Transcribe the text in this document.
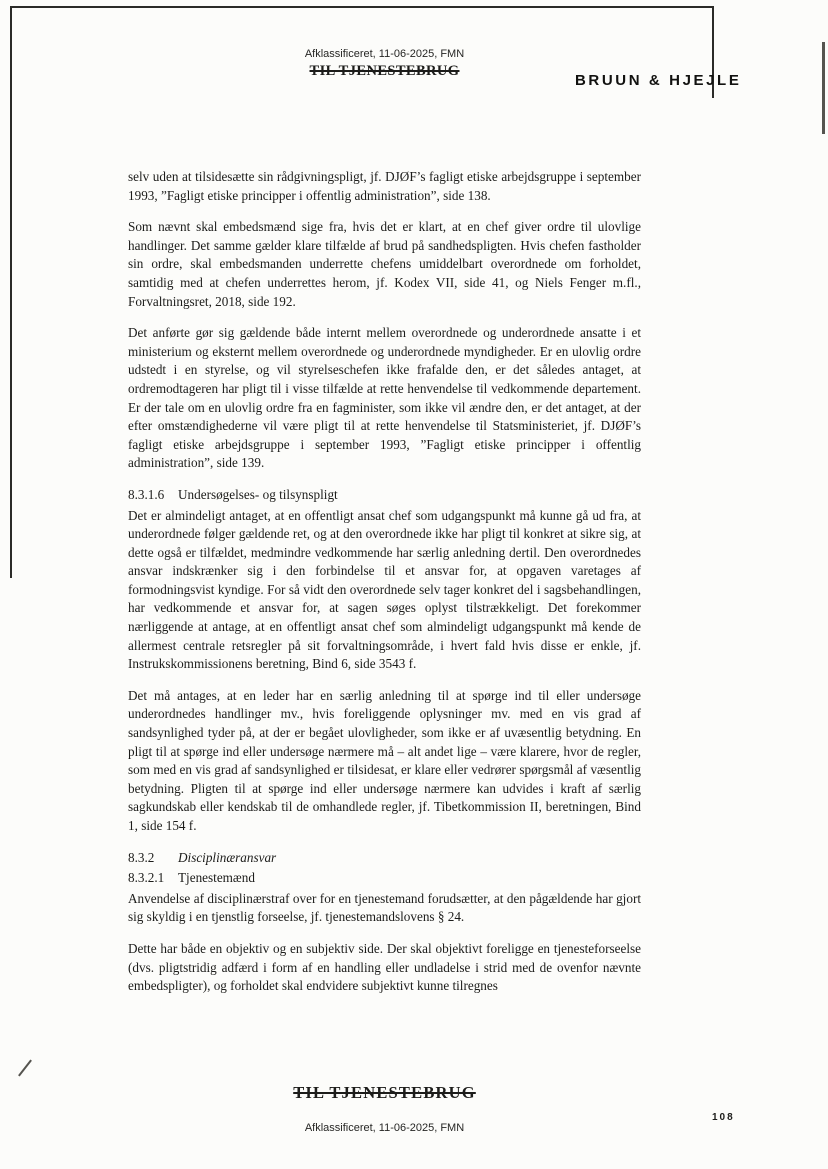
Afklassificeret, 11-06-2025, FMN
TIL TJENESTEBRUG
BRUUN & HJEJLE

selv uden at tilsidesætte sin rådgivningspligt, jf. DJØF’s fagligt etiske arbejdsgruppe i september 1993, ”Fagligt etiske principper i offentlig administration”, side 138.

Som nævnt skal embedsmænd sige fra, hvis det er klart, at en chef giver ordre til ulovlige handlinger. Det samme gælder klare tilfælde af brud på sandhedspligten. Hvis chefen fastholder sin ordre, skal embedsmanden underrette chefens umiddelbart overordnede om forholdet, samtidig med at chefen underrettes herom, jf. Kodex VII, side 41, og Niels Fenger m.fl., Forvaltningsret, 2018, side 192.

Det anførte gør sig gældende både internt mellem overordnede og underordnede ansatte i et ministerium og eksternt mellem overordnede og underordnede myndigheder. Er en ulovlig ordre udstedt i en styrelse, og vil styrelseschefen ikke frafalde den, er det således antaget, at ordremodtageren har pligt til i visse tilfælde at rette henvendelse til vedkommende departement. Er der tale om en ulovlig ordre fra en fagminister, som ikke vil ændre den, er det antaget, at der efter omstændighederne vil være pligt til at rette henvendelse til Statsministeriet, jf. DJØF’s fagligt etiske arbejdsgruppe i september 1993, ”Fagligt etiske principper i offentlig administration”, side 139.

8.3.1.6	Undersøgelses- og tilsynspligt

Det er almindeligt antaget, at en offentligt ansat chef som udgangspunkt må kunne gå ud fra, at underordnede følger gældende ret, og at den overordnede ikke har pligt til konkret at sikre sig, at dette også er tilfældet, medmindre vedkommende har særlig anledning dertil. Den overordnedes ansvar indskrænker sig i den forbindelse til et ansvar for, at opgaven varetages af formodningsvist kyndige. For så vidt den overordnede selv tager konkret del i sagsbehandlingen, har vedkommende et ansvar for, at sagen søges oplyst tilstrækkeligt. Det forekommer nærliggende at antage, at en offentligt ansat chef som almindeligt udgangspunkt må kende de allermest centrale retsregler på sit forvaltningsområde, i hvert fald hvis disse er enkle, jf. Instrukskommissionens beretning, Bind 6, side 3543 f.

Det må antages, at en leder har en særlig anledning til at spørge ind til eller undersøge underordnedes handlinger mv., hvis foreliggende oplysninger mv. med en vis grad af sandsynlighed tyder på, at der er begået ulovligheder, som ikke er af uvæsentlig betydning. En pligt til at spørge ind eller undersøge nærmere må – alt andet lige – være klarere, hvor de regler, som med en vis grad af sandsynlighed er tilsidesat, er klare eller vedrører spørgsmål af væsentlig betydning. Pligten til at spørge ind eller undersøge nærmere kan udvides i kraft af særlig sagkundskab eller kendskab til de omhandlede regler, jf. Tibetkommission II, beretningen, Bind 1, side 154 f.

8.3.2	Disciplinæransvar
8.3.2.1	Tjenestemænd

Anvendelse af disciplinærstraf over for en tjenestemand forudsætter, at den pågældende har gjort sig skyldig i en tjenstlig forseelse, jf. tjenestemandslovens § 24.

Dette har både en objektiv og en subjektiv side. Der skal objektivt foreligge en tjenesteforseelse (dvs. pligtstridig adfærd i form af en handling eller undladelse i strid med de ovenfor nævnte embedspligter), og forholdet skal endvidere subjektivt kunne tilregnes

TIL TJENESTEBRUG
108
Afklassificeret, 11-06-2025, FMN
